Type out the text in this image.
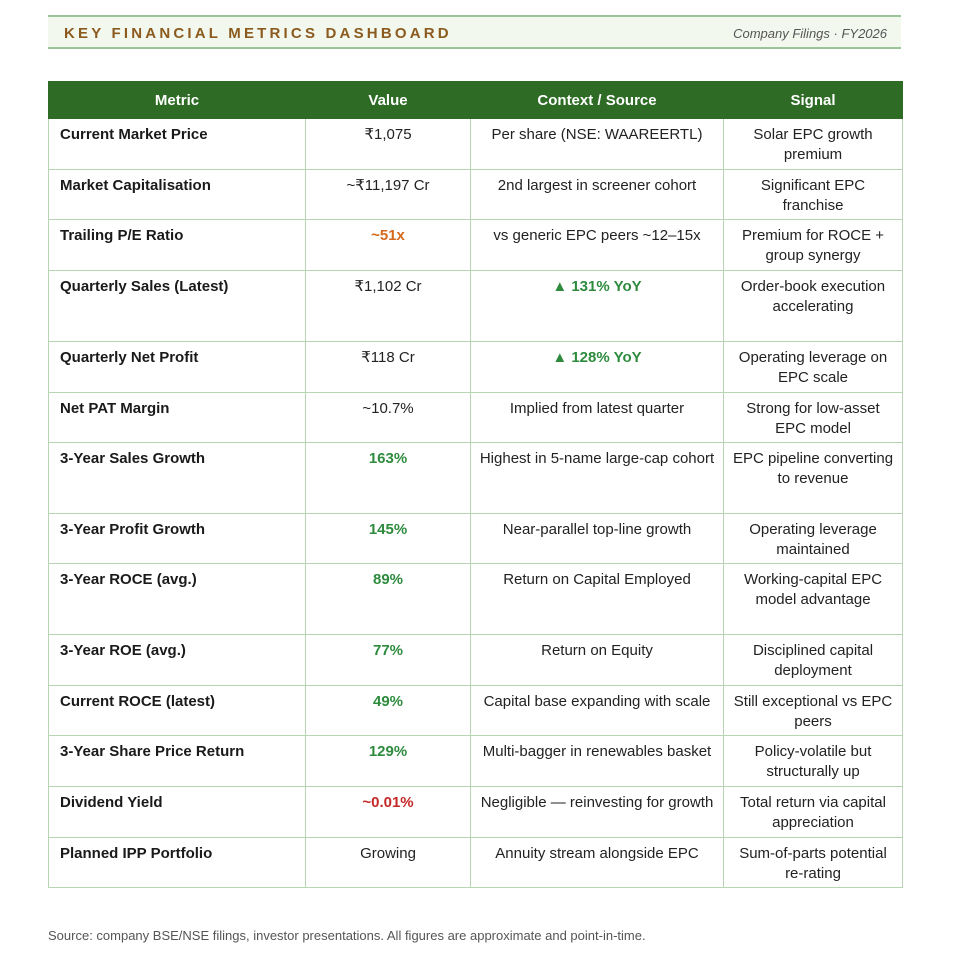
KEY FINANCIAL METRICS DASHBOARD	Company Filings · FY2026
Metric	Value	Context / Source	Signal
Current Market Price	₹1,075	Per share (NSE: WAAREERTL)	Solar EPC growth premium
Market Capitalisation	~₹11,197 Cr	2nd largest in screener cohort	Significant EPC franchise
Trailing P/E Ratio	~51x	vs generic EPC peers ~12–15x	Premium for ROCE + group synergy
Quarterly Sales (Latest)	₹1,102 Cr	▲ 131% YoY	Order-book execution accelerating
Quarterly Net Profit	₹118 Cr	▲ 128% YoY	Operating leverage on EPC scale
Net PAT Margin	~10.7%	Implied from latest quarter	Strong for low-asset EPC model
3-Year Sales Growth	163%	Highest in 5-name large-cap cohort	EPC pipeline converting to revenue
3-Year Profit Growth	145%	Near-parallel top-line growth	Operating leverage maintained
3-Year ROCE (avg.)	89%	Return on Capital Employed	Working-capital EPC model advantage
3-Year ROE (avg.)	77%	Return on Equity	Disciplined capital deployment
Current ROCE (latest)	49%	Capital base expanding with scale	Still exceptional vs EPC peers
3-Year Share Price Return	129%	Multi-bagger in renewables basket	Policy-volatile but structurally up
Dividend Yield	~0.01%	Negligible — reinvesting for growth	Total return via capital appreciation
Planned IPP Portfolio	Growing	Annuity stream alongside EPC	Sum-of-parts potential re-rating
Source: company BSE/NSE filings, investor presentations. All figures are approximate and point-in-time.
